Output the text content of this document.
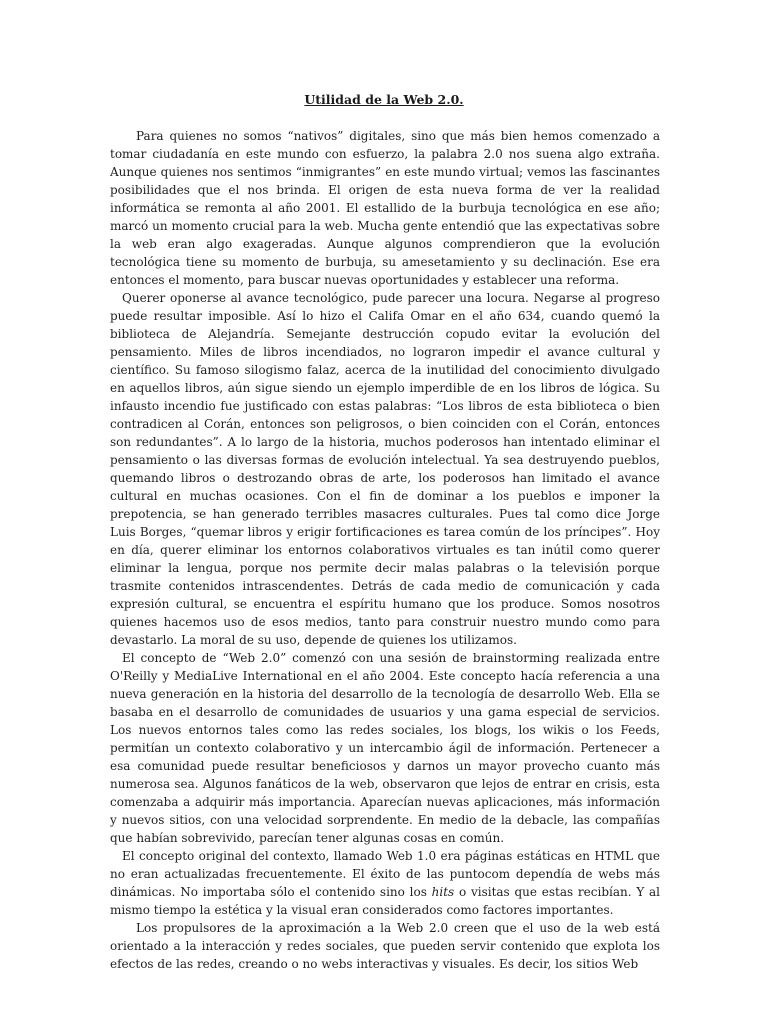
Utilidad de la Web 2.0.

Para quienes no somos “nativos” digitales, sino que más bien hemos comenzado a tomar ciudadanía en este mundo con esfuerzo, la palabra 2.0 nos suena algo extraña. Aunque quienes nos sentimos “inmigrantes” en este mundo virtual; vemos las fascinantes posibilidades que el nos brinda. El origen de esta nueva forma de ver la realidad informática se remonta al año 2001. El estallido de la burbuja tecnológica en ese año; marcó un momento crucial para la web. Mucha gente entendió que las expectativas sobre la web eran algo exageradas. Aunque algunos comprendieron que la evolución tecnológica tiene su momento de burbuja, su amesetamiento y su declinación. Ese era entonces el momento, para buscar nuevas oportunidades y establecer una reforma.

Querer oponerse al avance tecnológico, pude parecer una locura. Negarse al progreso puede resultar imposible. Así lo hizo el Califa Omar en el año 634, cuando quemó la biblioteca de Alejandría. Semejante destrucción copudo evitar la evolución del pensamiento. Miles de libros incendiados, no lograron impedir el avance cultural y científico. Su famoso silogismo falaz, acerca de la inutilidad del conocimiento divulgado en aquellos libros, aún sigue siendo un ejemplo imperdible de en los libros de lógica. Su infausto incendio fue justificado con estas palabras: “Los libros de esta biblioteca o bien contradicen al Corán, entonces son peligrosos, o bien coinciden con el Corán, entonces son redundantes”. A lo largo de la historia, muchos poderosos han intentado eliminar el pensamiento o las diversas formas de evolución intelectual. Ya sea destruyendo pueblos, quemando libros o destrozando obras de arte, los poderosos han limitado el avance cultural en muchas ocasiones. Con el fin de dominar a los pueblos e imponer la prepotencia, se han generado terribles masacres culturales. Pues tal como dice Jorge Luis Borges, “quemar libros y erigir fortificaciones es tarea común de los príncipes”. Hoy en día, querer eliminar los entornos colaborativos virtuales es tan inútil como querer eliminar la lengua, porque nos permite decir malas palabras o la televisión porque trasmite contenidos intrascendentes. Detrás de cada medio de comunicación y cada expresión cultural, se encuentra el espíritu humano que los produce. Somos nosotros quienes hacemos uso de esos medios, tanto para construir nuestro mundo como para devastarlo. La moral de su uso, depende de quienes los utilizamos.

El concepto de “Web 2.0” comenzó con una sesión de brainstorming realizada entre O'Reilly y MediaLive International en el año 2004. Este concepto hacía referencia a una nueva generación en la historia del desarrollo de la tecnología de desarrollo Web. Ella se basaba en el desarrollo de comunidades de usuarios y una gama especial de servicios. Los nuevos entornos tales como las redes sociales, los blogs, los wikis o los Feeds, permitían un contexto colaborativo y un intercambio ágil de información. Pertenecer a esa comunidad puede resultar beneficiosos y darnos un mayor provecho cuanto más numerosa sea. Algunos fanáticos de la web, observaron que lejos de entrar en crisis, esta comenzaba a adquirir más importancia. Aparecían nuevas aplicaciones, más información y nuevos sitios, con una velocidad sorprendente. En medio de la debacle, las compañías que habían sobrevivido, parecían tener algunas cosas en común.

El concepto original del contexto, llamado Web 1.0 era páginas estáticas en HTML que no eran actualizadas frecuentemente. El éxito de las puntocom dependía de webs más dinámicas. No importaba sólo el contenido sino los hits o visitas que estas recibían. Y al mismo tiempo la estética y la visual eran considerados como factores importantes.

Los propulsores de la aproximación a la Web 2.0 creen que el uso de la web está orientado a la interacción y redes sociales, que pueden servir contenido que explota los efectos de las redes, creando o no webs interactivas y visuales. Es decir, los sitios Web
